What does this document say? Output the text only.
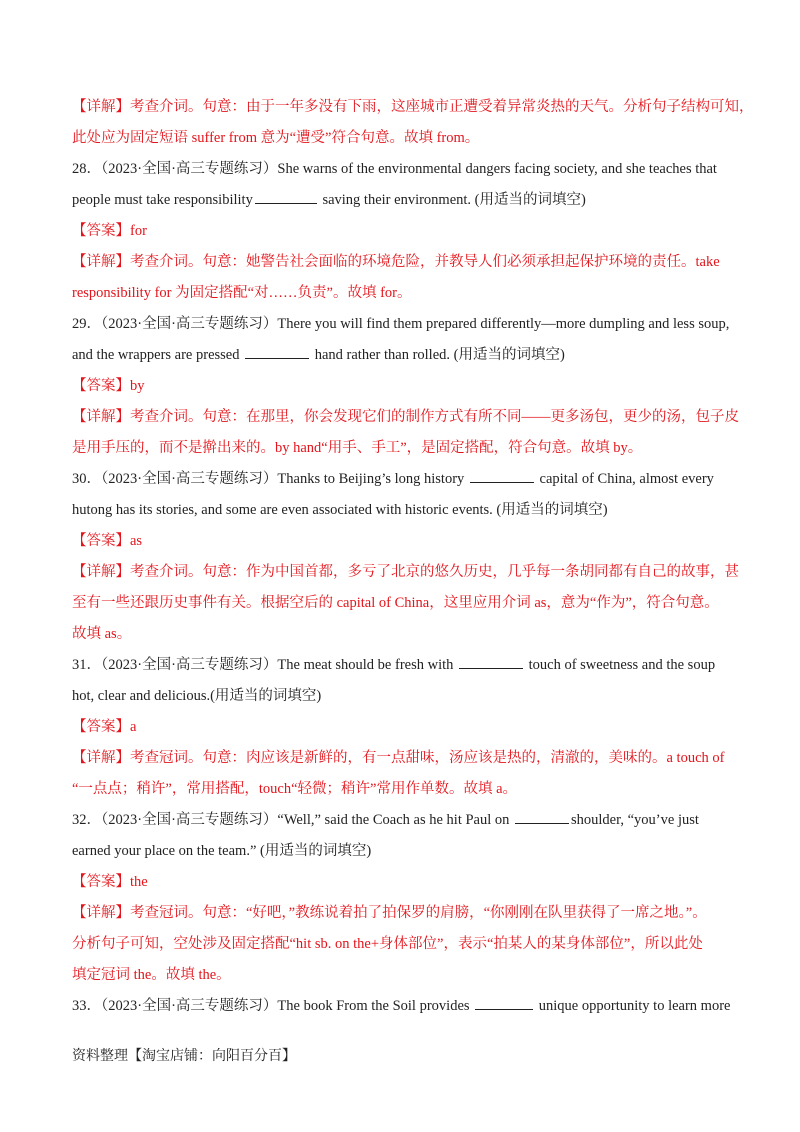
【详解】考查介词。句意：由于一年多没有下雨，这座城市正遭受着异常炎热的天气。分析句子结构可知，
此处应为固定短语 suffer from 意为“遭受”符合句意。故填 from。
28．（2023·全国·高三专题练习）She warns of the environmental dangers facing society, and she teaches that
people must take responsibility	saving their environment. (用适当的词填空)
【答案】for
【详解】考查介词。句意：她警告社会面临的环境危险，并教导人们必须承担起保护环境的责任。take
responsibility for 为固定搭配“对……负责”。故填 for。
29．（2023·全国·高三专题练习）There you will find them prepared differently—more dumpling and less soup,
and the wrappers are pressed	hand rather than rolled. (用适当的词填空)
【答案】by
【详解】考查介词。句意：在那里，你会发现它们的制作方式有所不同——更多汤包，更少的汤，包子皮
是用手压的，而不是擀出来的。by hand“用手、手工”，是固定搭配，符合句意。故填 by。
30．（2023·全国·高三专题练习）Thanks to Beijing’s long history	capital of China, almost every
hutong has its stories, and some are even associated with historic events. (用适当的词填空)
【答案】as
【详解】考查介词。句意：作为中国首都，多亏了北京的悠久历史，几乎每一条胡同都有自己的故事，甚
至有一些还跟历史事件有关。根据空后的 capital of China，这里应用介词 as，意为“作为”，符合句意。
故填 as。
31．（2023·全国·高三专题练习）The meat should be fresh with	touch of sweetness and the soup
hot, clear and delicious.(用适当的词填空)
【答案】a
【详解】考查冠词。句意：肉应该是新鲜的，有一点甜味，汤应该是热的，清澈的，美味的。a touch of
“一点点；稍许”，常用搭配，touch“轻微；稍许”常用作单数。故填 a。
32．（2023·全国·高三专题练习）“Well,” said the Coach as he hit Paul on	shoulder, “you’ve just
earned your place on the team.” (用适当的词填空)
【答案】the
【详解】考查冠词。句意：“好吧，”教练说着拍了拍保罗的肩膀，“你刚刚在队里获得了一席之地。”。
分析句子可知，空处涉及固定搭配“hit sb. on the+身体部位”，表示“拍某人的某身体部位”，所以此处
填定冠词 the。故填 the。
33．（2023·全国·高三专题练习）The book From the Soil provides	unique opportunity to learn more
资料整理【淘宝店铺：向阳百分百】
